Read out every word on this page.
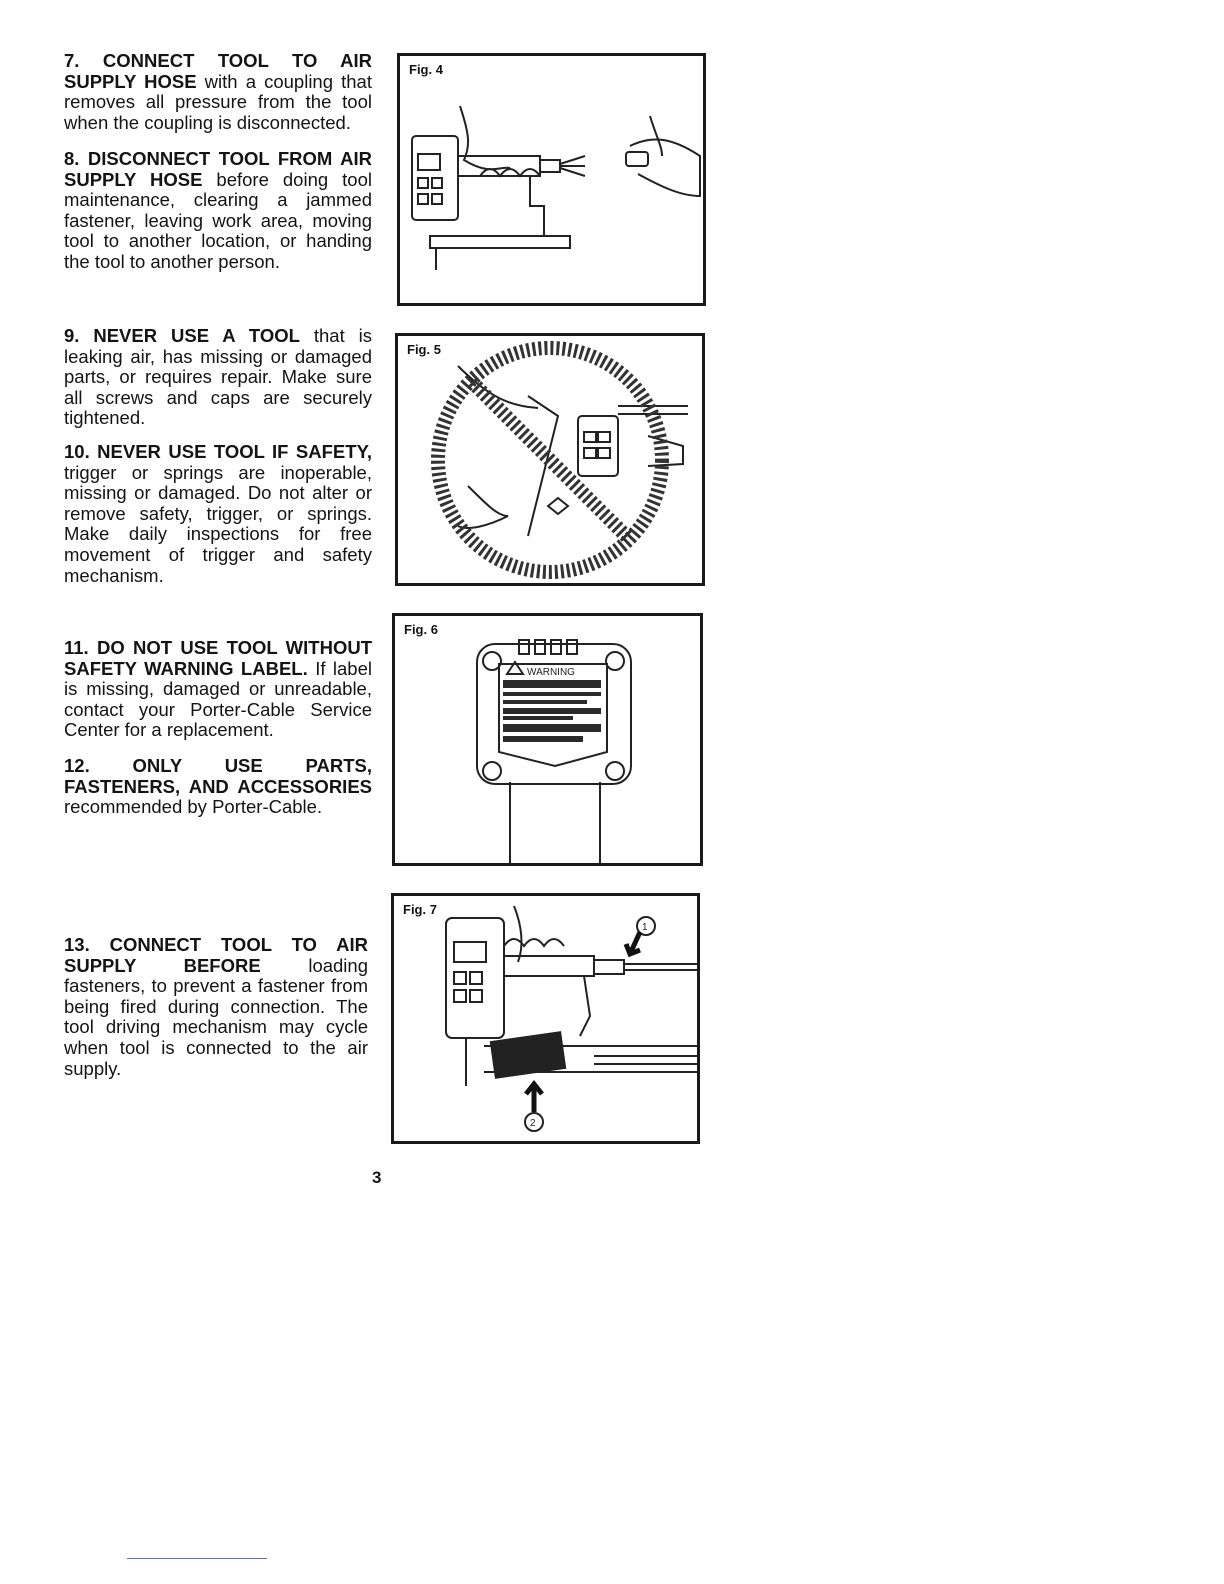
7. CONNECT TOOL TO AIR SUPPLY HOSE with a coupling that removes all pressure from the tool when the coupling is disconnected.

8. DISCONNECT TOOL FROM AIR SUPPLY HOSE before doing tool maintenance, clearing a jammed fastener, leaving work area, moving tool to another location, or handing the tool to another person.

9. NEVER USE A TOOL that is leaking air, has missing or damaged parts, or requires repair. Make sure all screws and caps are securely tightened.

10. NEVER USE TOOL IF SAFETY, trigger or springs are inoperable, missing or damaged. Do not alter or remove safety, trigger, or springs. Make daily inspections for free movement of trigger and safety mechanism.

11. DO NOT USE TOOL WITHOUT SAFETY WARNING LABEL. If label is missing, damaged or unreadable, contact your Porter-Cable Service Center for a replacement.

12. ONLY USE PARTS, FASTENERS, AND ACCESSORIES recommended by Porter-Cable.

13. CONNECT TOOL TO AIR SUPPLY BEFORE loading fasteners, to prevent a fastener from being fired during connection. The tool driving mechanism may cycle when tool is connected to the air supply.

Fig. 4
Fig. 5
WARNING
Fig. 6
1
2
Fig. 7
3
